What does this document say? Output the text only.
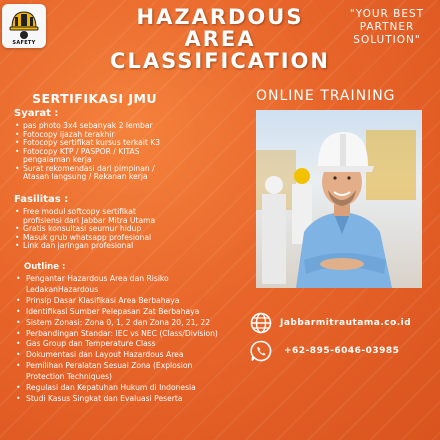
SAFETY
HAZARDOUS
AREA
CLASSIFICATION
"YOUR BEST
PARTNER
SOLUTION"
SERTIFIKASI JMU	ONLINE TRAINING
Syarat :
• pas photo 3x4 sebanyak 2 lembar
• Fotocopy ijazah terakhir
• Fotocopy sertifikat kursus terkait K3
• Fotocopy KTP / PASPOR / KITAS
pengalaman kerja
• Surat rekomendasi dari pimpinan /
Atasan langsung / Rekanan kerja
Fasilitas :
• Free modul softcopy sertifikat
profisiensi dari Jabbar Mitra Utama
• Gratis konsultasi seumur hidup
• Masuk grub whatsapp profesional
• Link dan jaringan profesional
Outline :
• Pengantar Hazardous Area dan Risiko
LedakanHazardous
• Prinsip Dasar Klasifikasi Area Berbahaya
• Identifikasi Sumber Pelepasan Zat Berbahaya
• Sistem Zonasi: Zona 0, 1, 2 dan Zona 20, 21, 22
• Perbandingan Standar: IEC vs NEC (Class/Division)
• Gas Group dan Temperature Class
• Dokumentasi dan Layout Hazardous Area
• Pemilihan Peralatan Sesuai Zona (Explosion
Protection Techniques)
• Regulasi dan Kepatuhan Hukum di Indonesia
• Studi Kasus Singkat dan Evaluasi Peserta
Jabbarmitrautama.co.id
+62-895-6046-03985
